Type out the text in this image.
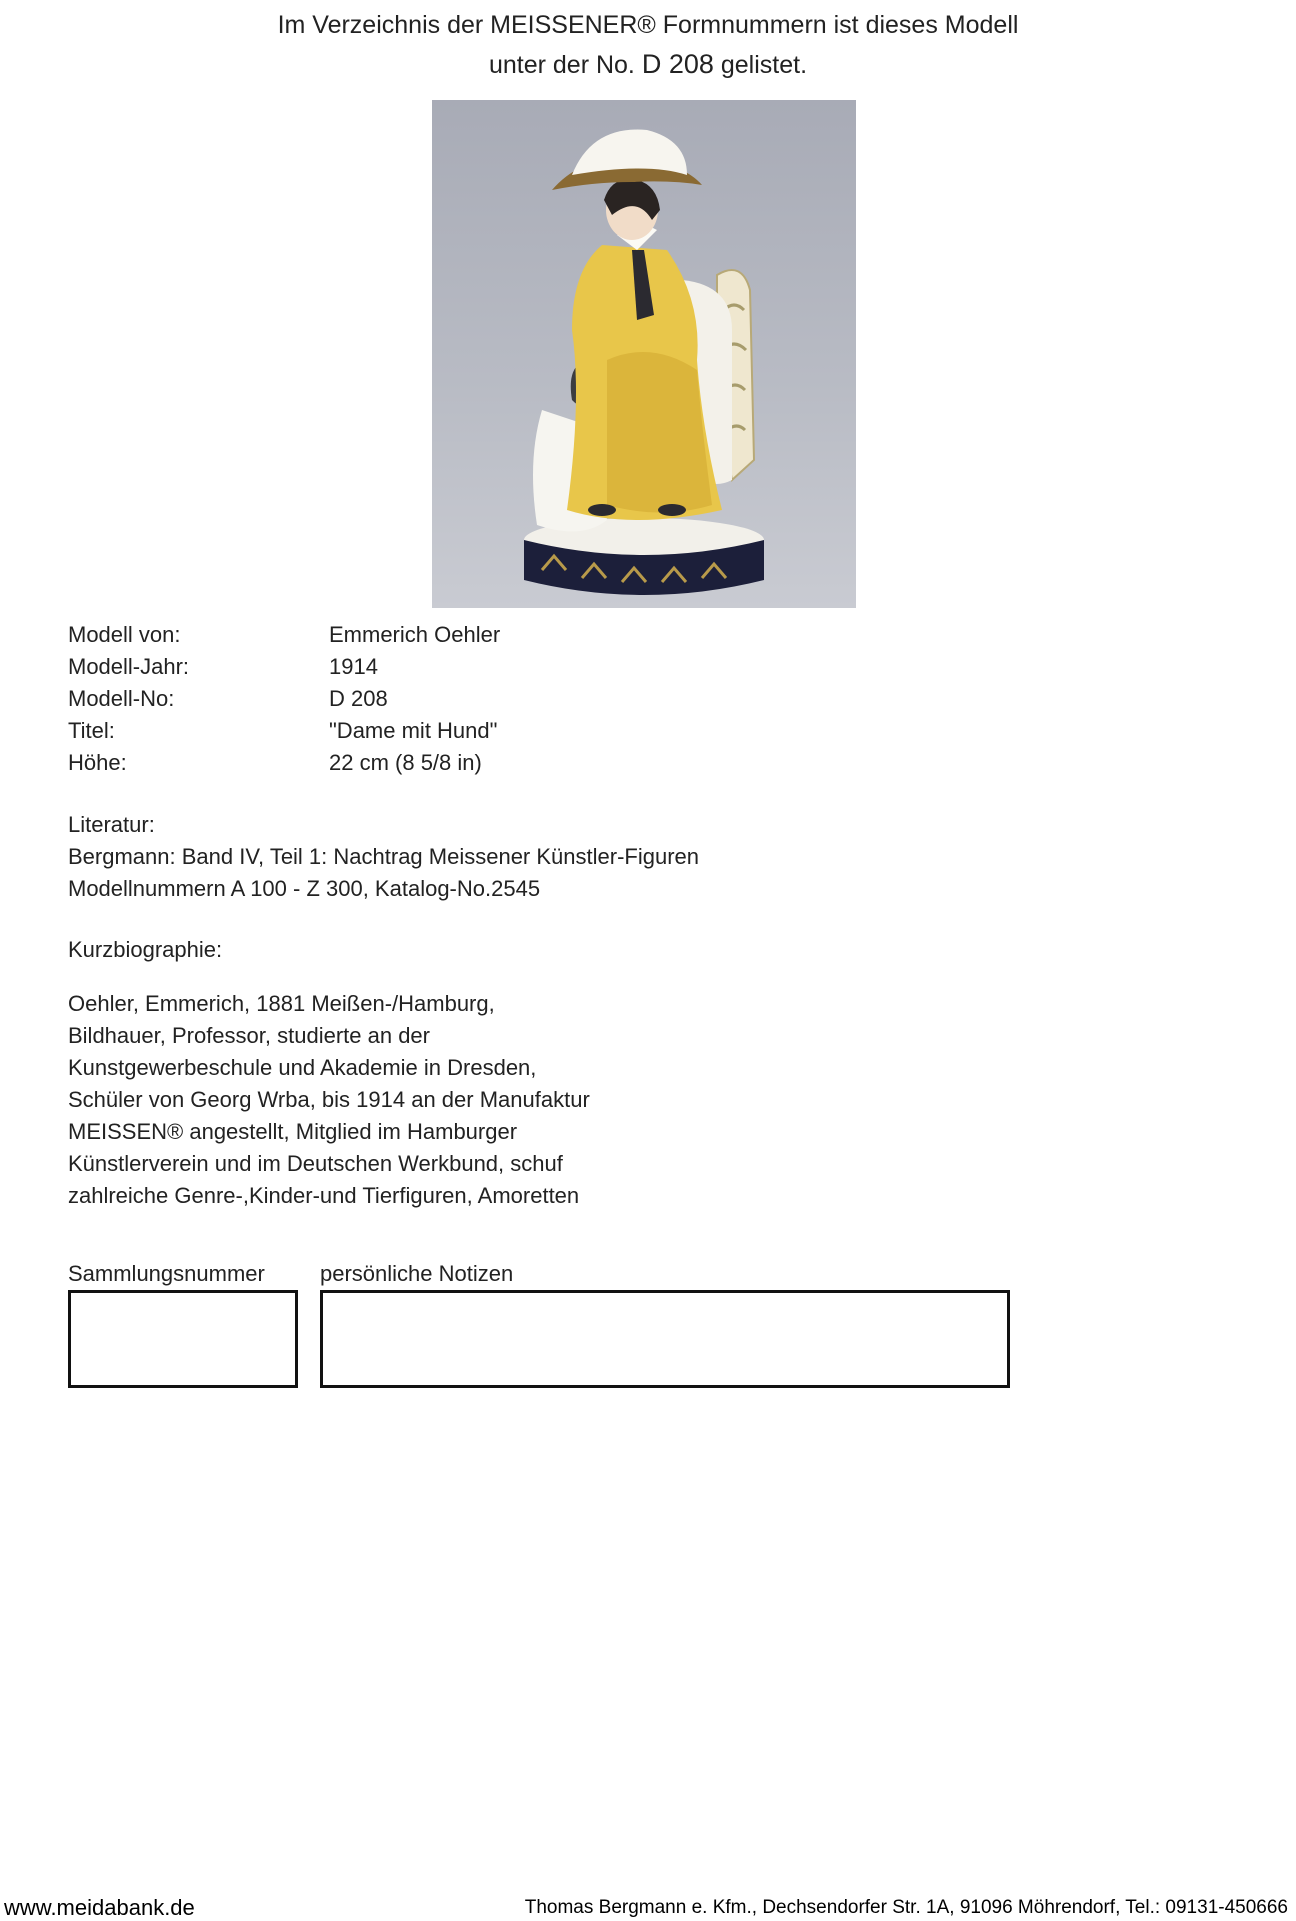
Im Verzeichnis der MEISSENER® Formnummern ist dieses Modell
unter der No. D 208 gelistet.
Modell von:	Emmerich Oehler
Modell-Jahr:	1914
Modell-No:	D 208
Titel:	"Dame mit Hund"
Höhe:	22 cm (8 5/8 in)
Literatur:
Bergmann: Band IV, Teil 1: Nachtrag Meissener Künstler-Figuren
Modellnummern A 100 - Z 300, Katalog-No.2545
Kurzbiographie:
Oehler, Emmerich, 1881 Meißen-/Hamburg,
Bildhauer, Professor, studierte an der
Kunstgewerbeschule und Akademie in Dresden,
Schüler von Georg Wrba, bis 1914 an der Manufaktur
MEISSEN® angestellt, Mitglied im Hamburger
Künstlerverein und im Deutschen Werkbund, schuf
zahlreiche Genre-,Kinder-und Tierfiguren, Amoretten
Sammlungsnummer	persönliche Notizen
www.meidabank.de	Thomas Bergmann e. Kfm., Dechsendorfer Str. 1A, 91096 Möhrendorf, Tel.: 09131-450666
